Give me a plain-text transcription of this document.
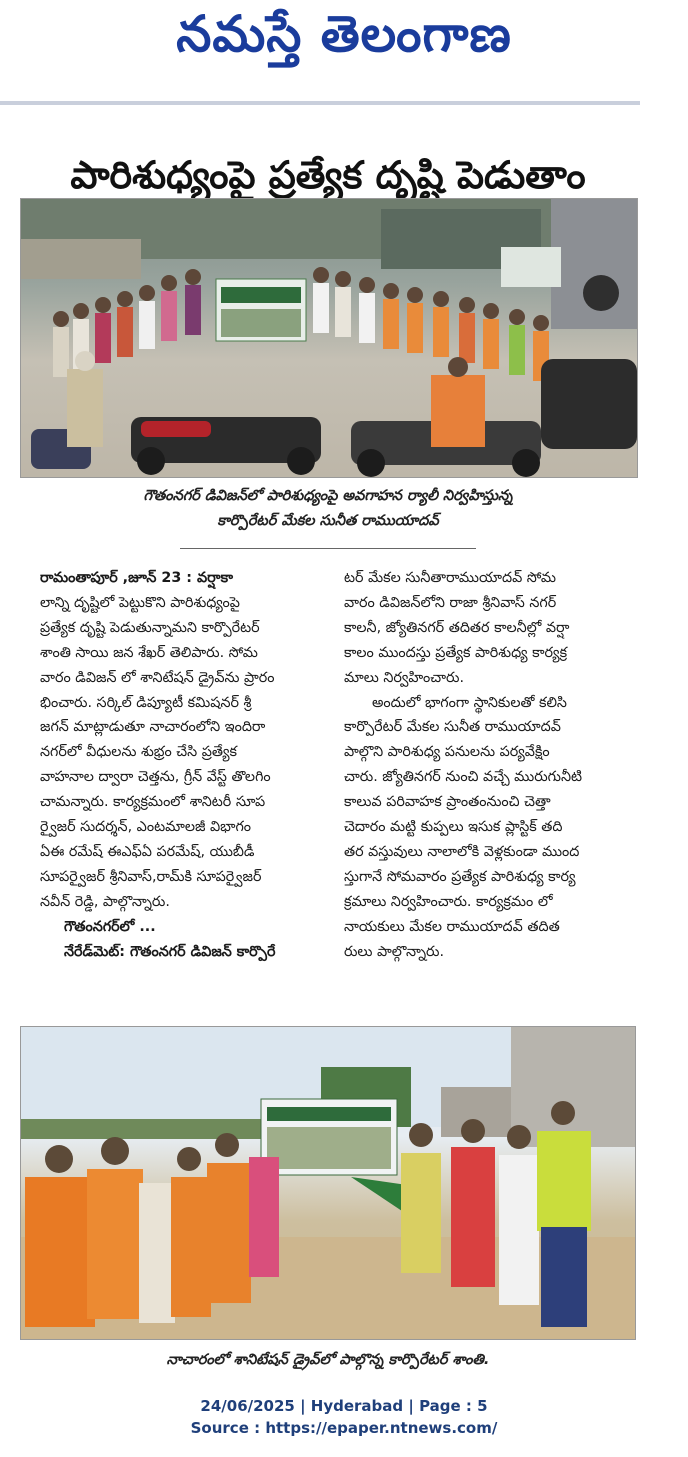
నమస్తే తెలంగాణ
పారిశుధ్యంపై ప్రత్యేక దృష్టి పెడుతాం
గౌతంనగర్ డివిజన్‌లో పారిశుధ్యంపై అవగాహన ర్యాలీ నిర్వహిస్తున్న
కార్పొరేటర్ మేకల సునీత రాముయాదవ్
రామంతాపూర్ ,జూన్ 23 : వర్షాకా
లాన్ని దృష్టిలో పెట్టుకొని పారిశుధ్యంపై
ప్రత్యేక దృష్టి పెడుతున్నామని కార్పొరేటర్
శాంతి సాయి జన శేఖర్ తెలిపారు. సోమ
వారం డివిజన్ లో శానిటేషన్ డ్రైవ్‌ను ప్రారం
భించారు. సర్కిల్ డిప్యూటీ కమిషనర్ శ్రీ
జగన్ మాట్లాడుతూ నాచారంలోని ఇందిరా
నగర్‌లో వీధులను శుభ్రం చేసి ప్రత్యేక
వాహనాల ద్వారా చెత్తను, గ్రీన్ వేస్ట్ తొలగిం
చామన్నారు. కార్యక్రమంలో శానిటరీ సూప
ర్వైజర్ సుదర్శన్, ఎంటమాలజీ విభాగం
ఏఈ రమేష్ ఈఎఫ్ఏ పరమేష్, యుబీడీ
సూపర్వైజర్ శ్రీనివాస్,రామ్‌కి సూపర్వైజర్
నవీన్ రెడ్డి, పాల్గొన్నారు.
గౌతంనగర్‌లో ...
నేరేడ్‌మెట్: గౌతంనగర్ డివిజన్ కార్పొరే
టర్ మేకల సునీతారాముయాదవ్ సోమ
వారం డివిజన్‌లోని రాజా శ్రీనివాస్ నగర్
కాలనీ, జ్యోతినగర్ తదితర కాలనీల్లో వర్షా
కాలం ముందస్తు ప్రత్యేక పారిశుధ్య కార్యక్ర
మాలు నిర్వహించారు.
అందులో భాగంగా స్థానికులతో కలిసి
కార్పొరేటర్ మేకల సునీత రాముయాదవ్
పాల్గొని పారిశుధ్య పనులను పర్యవేక్షిం
చారు. జ్యోతినగర్ నుంచి వచ్చే మురుగునీటి
కాలువ పరివాహక ప్రాంతంనుంచి చెత్తా
చెదారం మట్టి కుప్పలు ఇసుక ప్లాస్టిక్ తది
తర వస్తువులు నాలాలోకి వెళ్లకుండా ముంద
స్తుగానే సోమవారం ప్రత్యేక పారిశుధ్య కార్య
క్రమాలు నిర్వహించారు. కార్యక్రమం లో
నాయకులు మేకల రాముయాదవ్ తదిత
రులు పాల్గొన్నారు.
నాచారంలో శానిటేషన్ డ్రైవ్‌లో పాల్గొన్న కార్పొరేటర్ శాంతి.
24/06/2025 | Hyderabad | Page : 5
Source : https://epaper.ntnews.com/
